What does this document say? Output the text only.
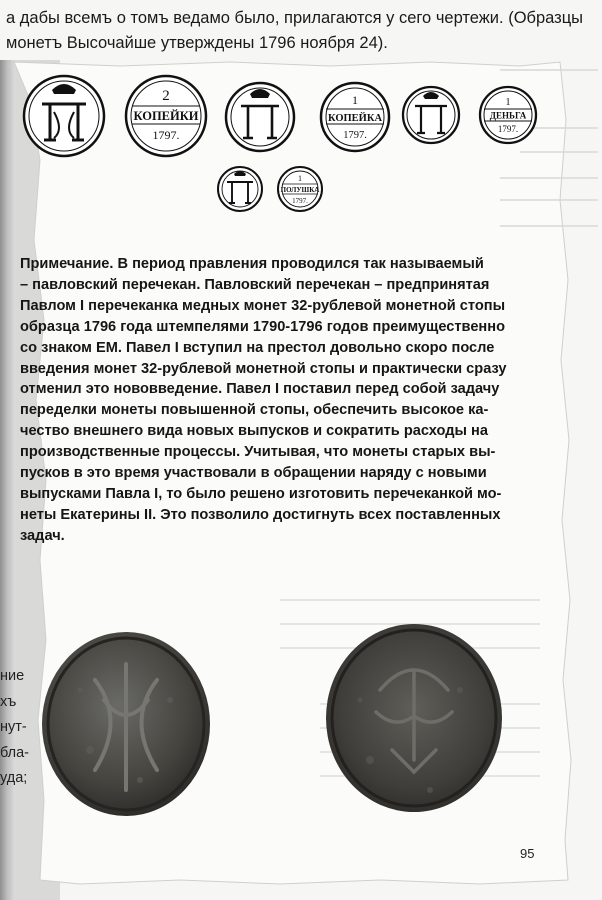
а дабы всемъ о томъ ведамо было, прилагаются у сего чертежи. (Образцы монетъ Высочайше утверждены 1796 ноября 24).
2
КОПЕЙКИ
1797.
1
КОПЕЙКА
1797.
1
ДЕНЬГА
1797.
1
ПОЛУШКА
1797.
Примечание. В период правления проводился так называемый
– павловский перечекан. Павловский перечекан – предпринятая
Павлом I перечеканка медных монет 32-рублевой монетной стопы
образца 1796 года штемпелями 1790-1796 годов преимущественно
со знаком ЕМ. Павел I вступил на престол довольно скоро после
введения монет 32-рублевой монетной стопы и практически сразу
отменил это нововведение. Павел I поставил перед собой задачу
переделки монеты повышенной стопы, обеспечить высокое ка-
чество внешнего вида новых выпусков и сократить расходы на
производственные процессы. Учитывая, что монеты старых вы-
пусков в это время участвовали в обращении наряду с новыми
выпусками Павла I, то было решено изготовить перечеканкой мо-
неты Екатерины II. Это позволило достигнуть всех поставленных
задач.
ние
хъ
нут-
бла-
уда;
95
